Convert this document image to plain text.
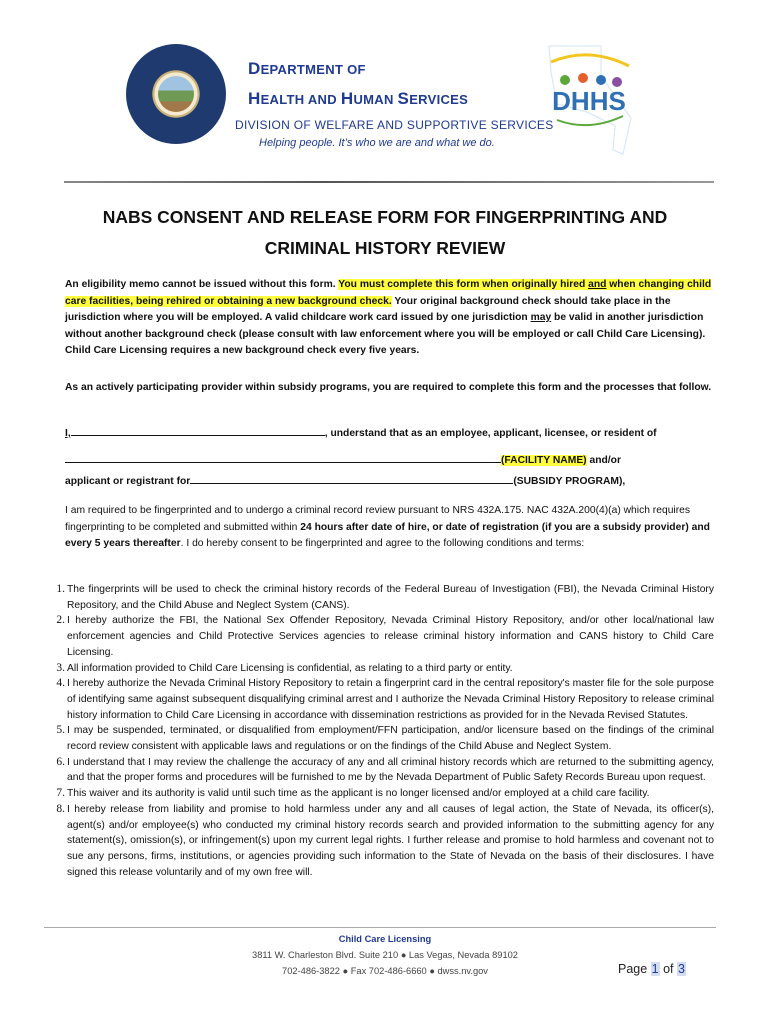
DEPARTMENT OF
HEALTH AND HUMAN SERVICES
DIVISION OF WELFARE AND SUPPORTIVE SERVICES
Helping people. It’s who we are and what we do.
DHHS
NABS CONSENT AND RELEASE FORM FOR FINGERPRINTING AND
CRIMINAL HISTORY REVIEW
An eligibility memo cannot be issued without this form. You must complete this form when originally hired and when changing child care facilities, being rehired or obtaining a new background check. Your original background check should take place in the jurisdiction where you will be employed. A valid childcare work card issued by one jurisdiction may be valid in another jurisdiction without another background check (please consult with law enforcement where you will be employed or call Child Care Licensing). Child Care Licensing requires a new background check every five years.
As an actively participating provider within subsidy programs, you are required to complete this form and the processes that follow.
I,	, understand that as an employee, applicant, licensee, or resident of
(FACILITY NAME) and/or
applicant or registrant for	(SUBSIDY PROGRAM),
I am required to be fingerprinted and to undergo a criminal record review pursuant to NRS 432A.175. NAC 432A.200(4)(a) which requires fingerprinting to be completed and submitted within 24 hours after date of hire, or date of registration (if you are a subsidy provider) and every 5 years thereafter. I do hereby consent to be fingerprinted and agree to the following conditions and terms:
1. The fingerprints will be used to check the criminal history records of the Federal Bureau of Investigation (FBI), the Nevada Criminal History Repository, and the Child Abuse and Neglect System (CANS).
2. I hereby authorize the FBI, the National Sex Offender Repository, Nevada Criminal History Repository, and/or other local/national law enforcement agencies and Child Protective Services agencies to release criminal history information and CANS history to Child Care Licensing.
3. All information provided to Child Care Licensing is confidential, as relating to a third party or entity.
4. I hereby authorize the Nevada Criminal History Repository to retain a fingerprint card in the central repository's master file for the sole purpose of identifying same against subsequent disqualifying criminal arrest and I authorize the Nevada Criminal History Repository to release criminal history information to Child Care Licensing in accordance with dissemination restrictions as provided for in the Nevada Revised Statutes.
5. I may be suspended, terminated, or disqualified from employment/FFN participation, and/or licensure based on the findings of the criminal record review consistent with applicable laws and regulations or on the findings of the Child Abuse and Neglect System.
6. I understand that I may review the challenge the accuracy of any and all criminal history records which are returned to the submitting agency, and that the proper forms and procedures will be furnished to me by the Nevada Department of Public Safety Records Bureau upon request.
7. This waiver and its authority is valid until such time as the applicant is no longer licensed and/or employed at a child care facility.
8. I hereby release from liability and promise to hold harmless under any and all causes of legal action, the State of Nevada, its officer(s), agent(s) and/or employee(s) who conducted my criminal history records search and provided information to the submitting agency for any statement(s), omission(s), or infringement(s) upon my current legal rights. I further release and promise to hold harmless and covenant not to sue any persons, firms, institutions, or agencies providing such information to the State of Nevada on the basis of their disclosures. I have signed this release voluntarily and of my own free will.
Child Care Licensing
3811 W. Charleston Blvd. Suite 210 ● Las Vegas, Nevada 89102
702-486-3822 ● Fax 702-486-6660 ● dwss.nv.gov	Page 1 of 3
